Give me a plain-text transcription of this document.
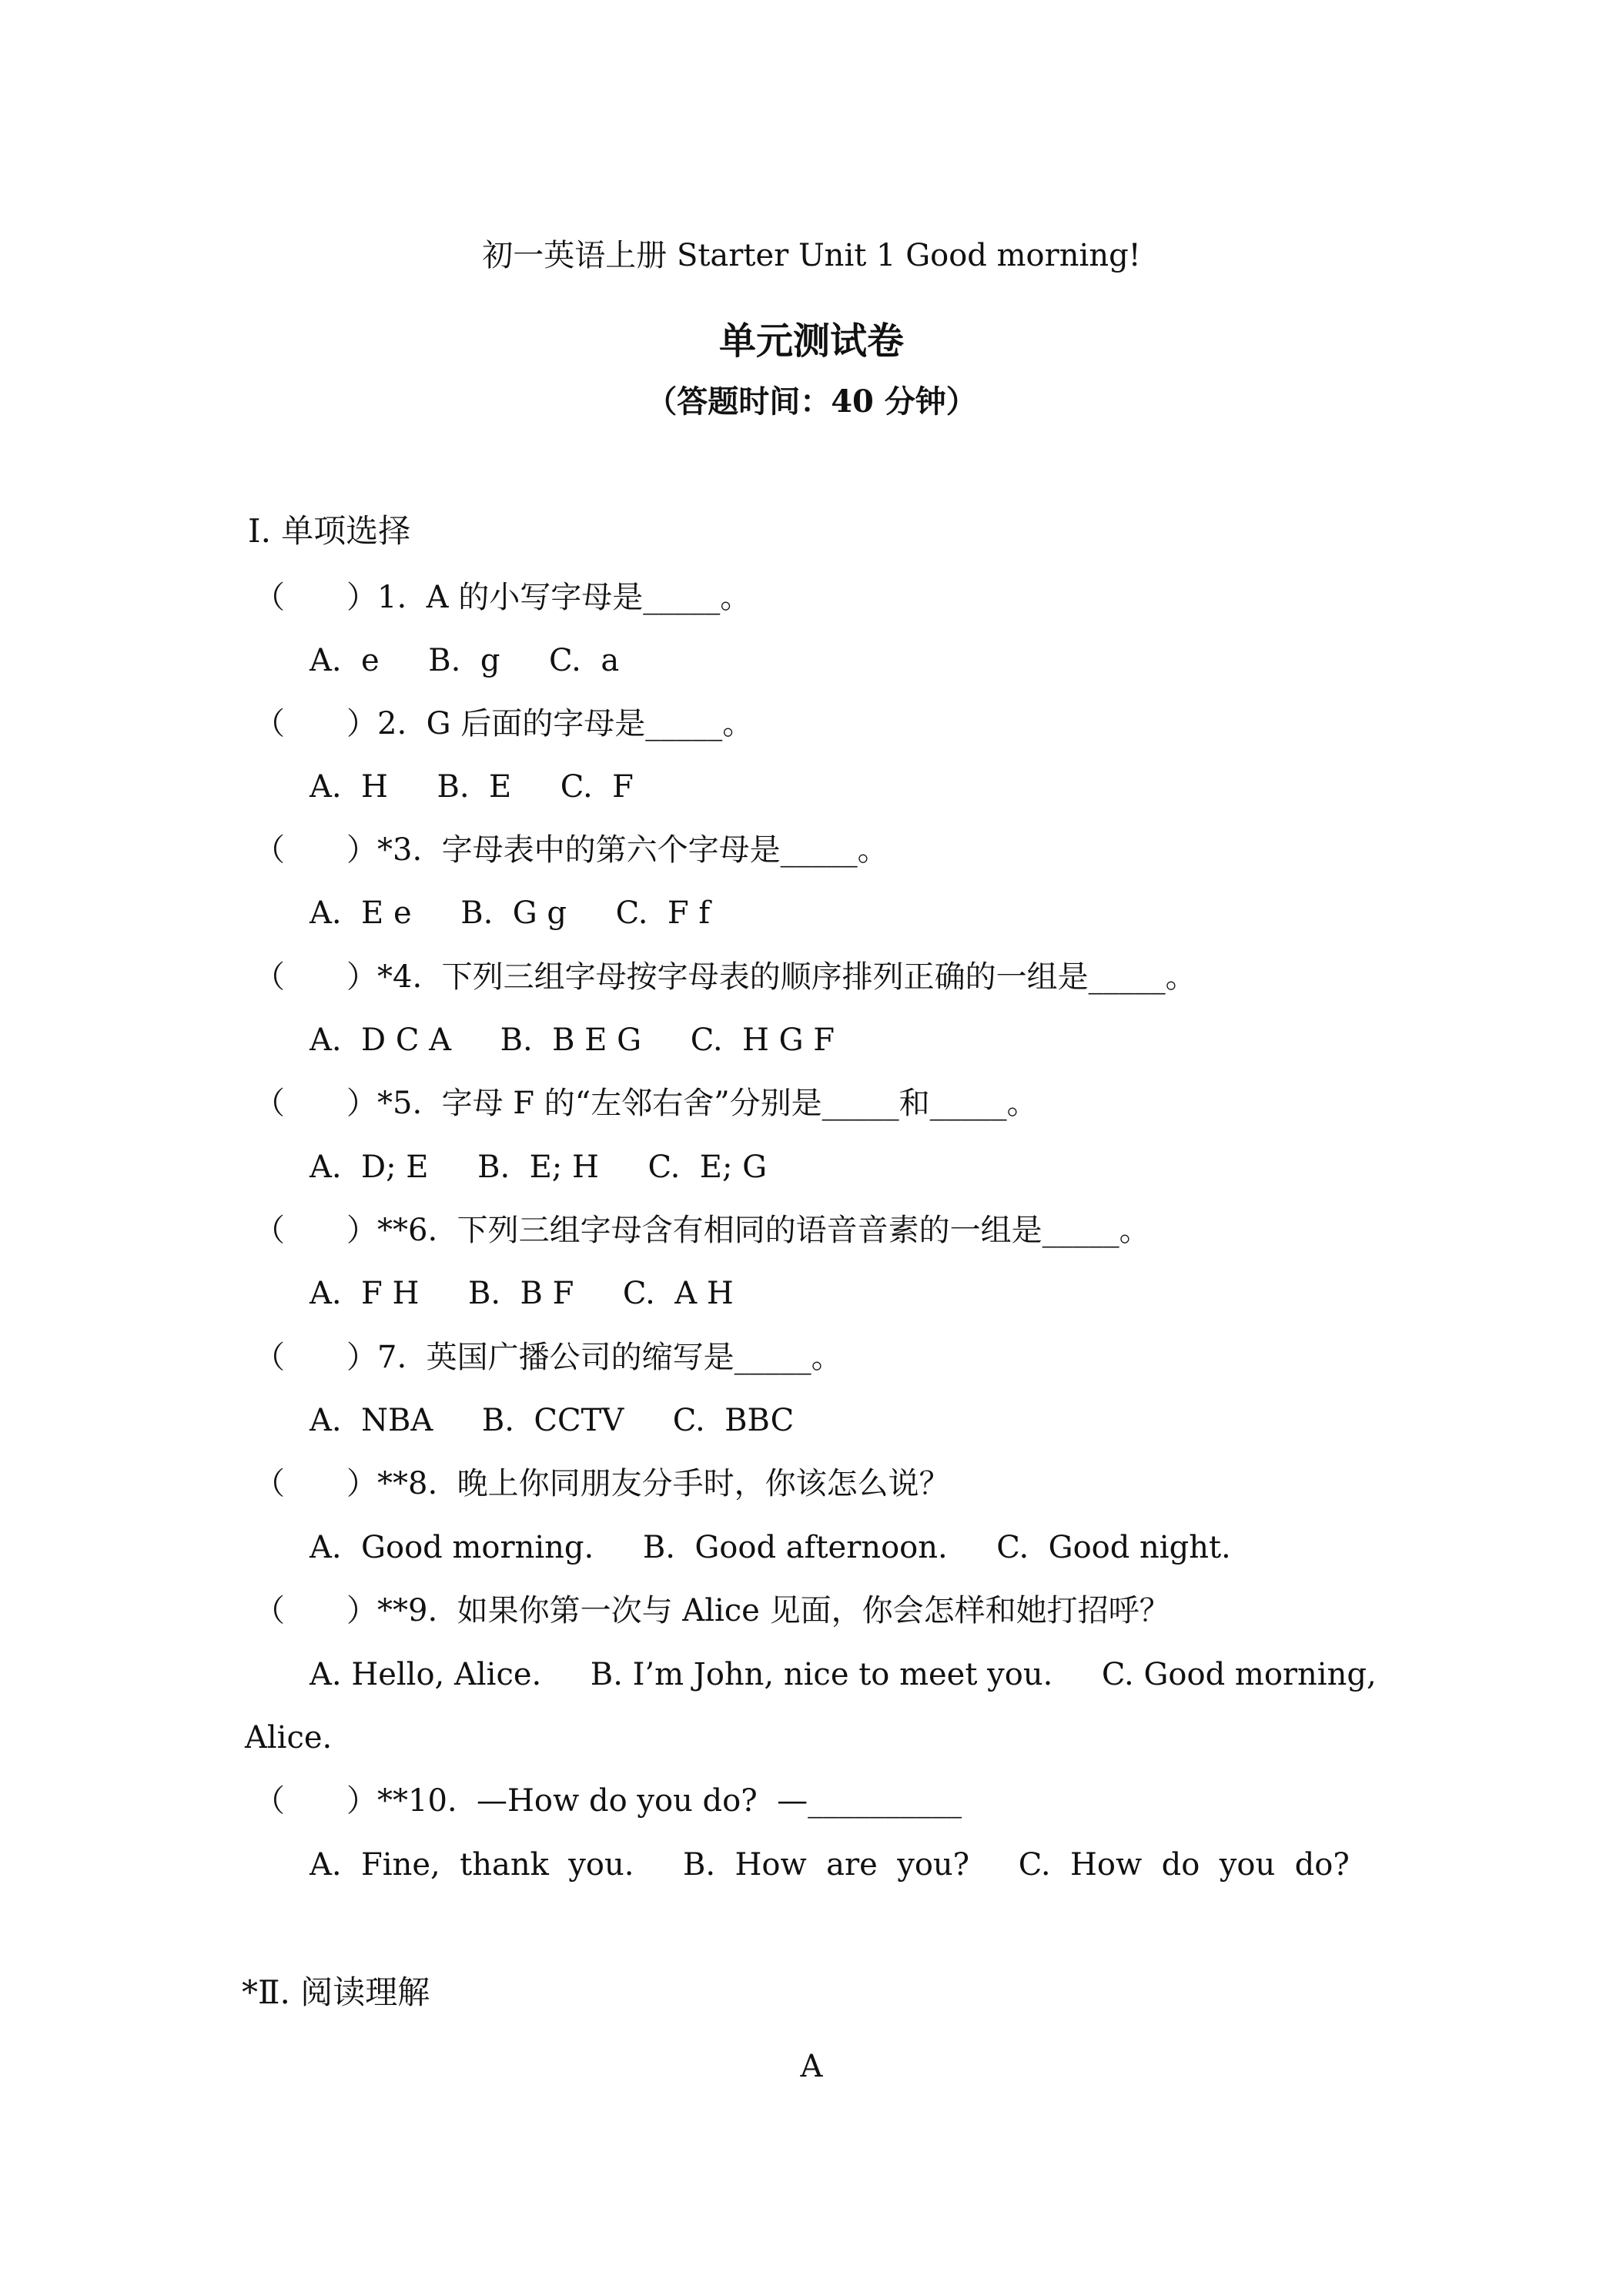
初一英语上册 Starter Unit 1 Good morning!
单元测试卷
（答题时间：40 分钟）
Ⅰ. 单项选择
（　　）1.  A 的小写字母是_____。
A.  e     B.  g     C.  a
（　　）2.  G 后面的字母是_____。
A.  H     B.  E     C.  F
（　　）*3.  字母表中的第六个字母是_____。
A.  E e     B.  G g     C.  F f
（　　）*4.  下列三组字母按字母表的顺序排列正确的一组是_____。
A.  D C A     B.  B E G     C.  H G F
（　　）*5.  字母 F 的“左邻右舍”分别是_____和_____。
A.  D; E     B.  E; H     C.  E; G
（　　）**6.  下列三组字母含有相同的语音音素的一组是_____。
A.  F H     B.  B F     C.  A H
（　　）7.  英国广播公司的缩写是_____。
A.  NBA     B.  CCTV     C.  BBC
（　　）**8.  晚上你同朋友分手时，你该怎么说？
A.  Good morning.     B.  Good afternoon.     C.  Good night.
（　　）**9.  如果你第一次与 Alice 见面，你会怎样和她打招呼？
A. Hello, Alice.     B. I’m John, nice to meet you.     C. Good morning,
Alice.
（　　）**10.  —How do you do?  —__________
A.  Fine,  thank  you.     B.  How  are  you?     C.  How  do  you  do?
*Ⅱ. 阅读理解
A
